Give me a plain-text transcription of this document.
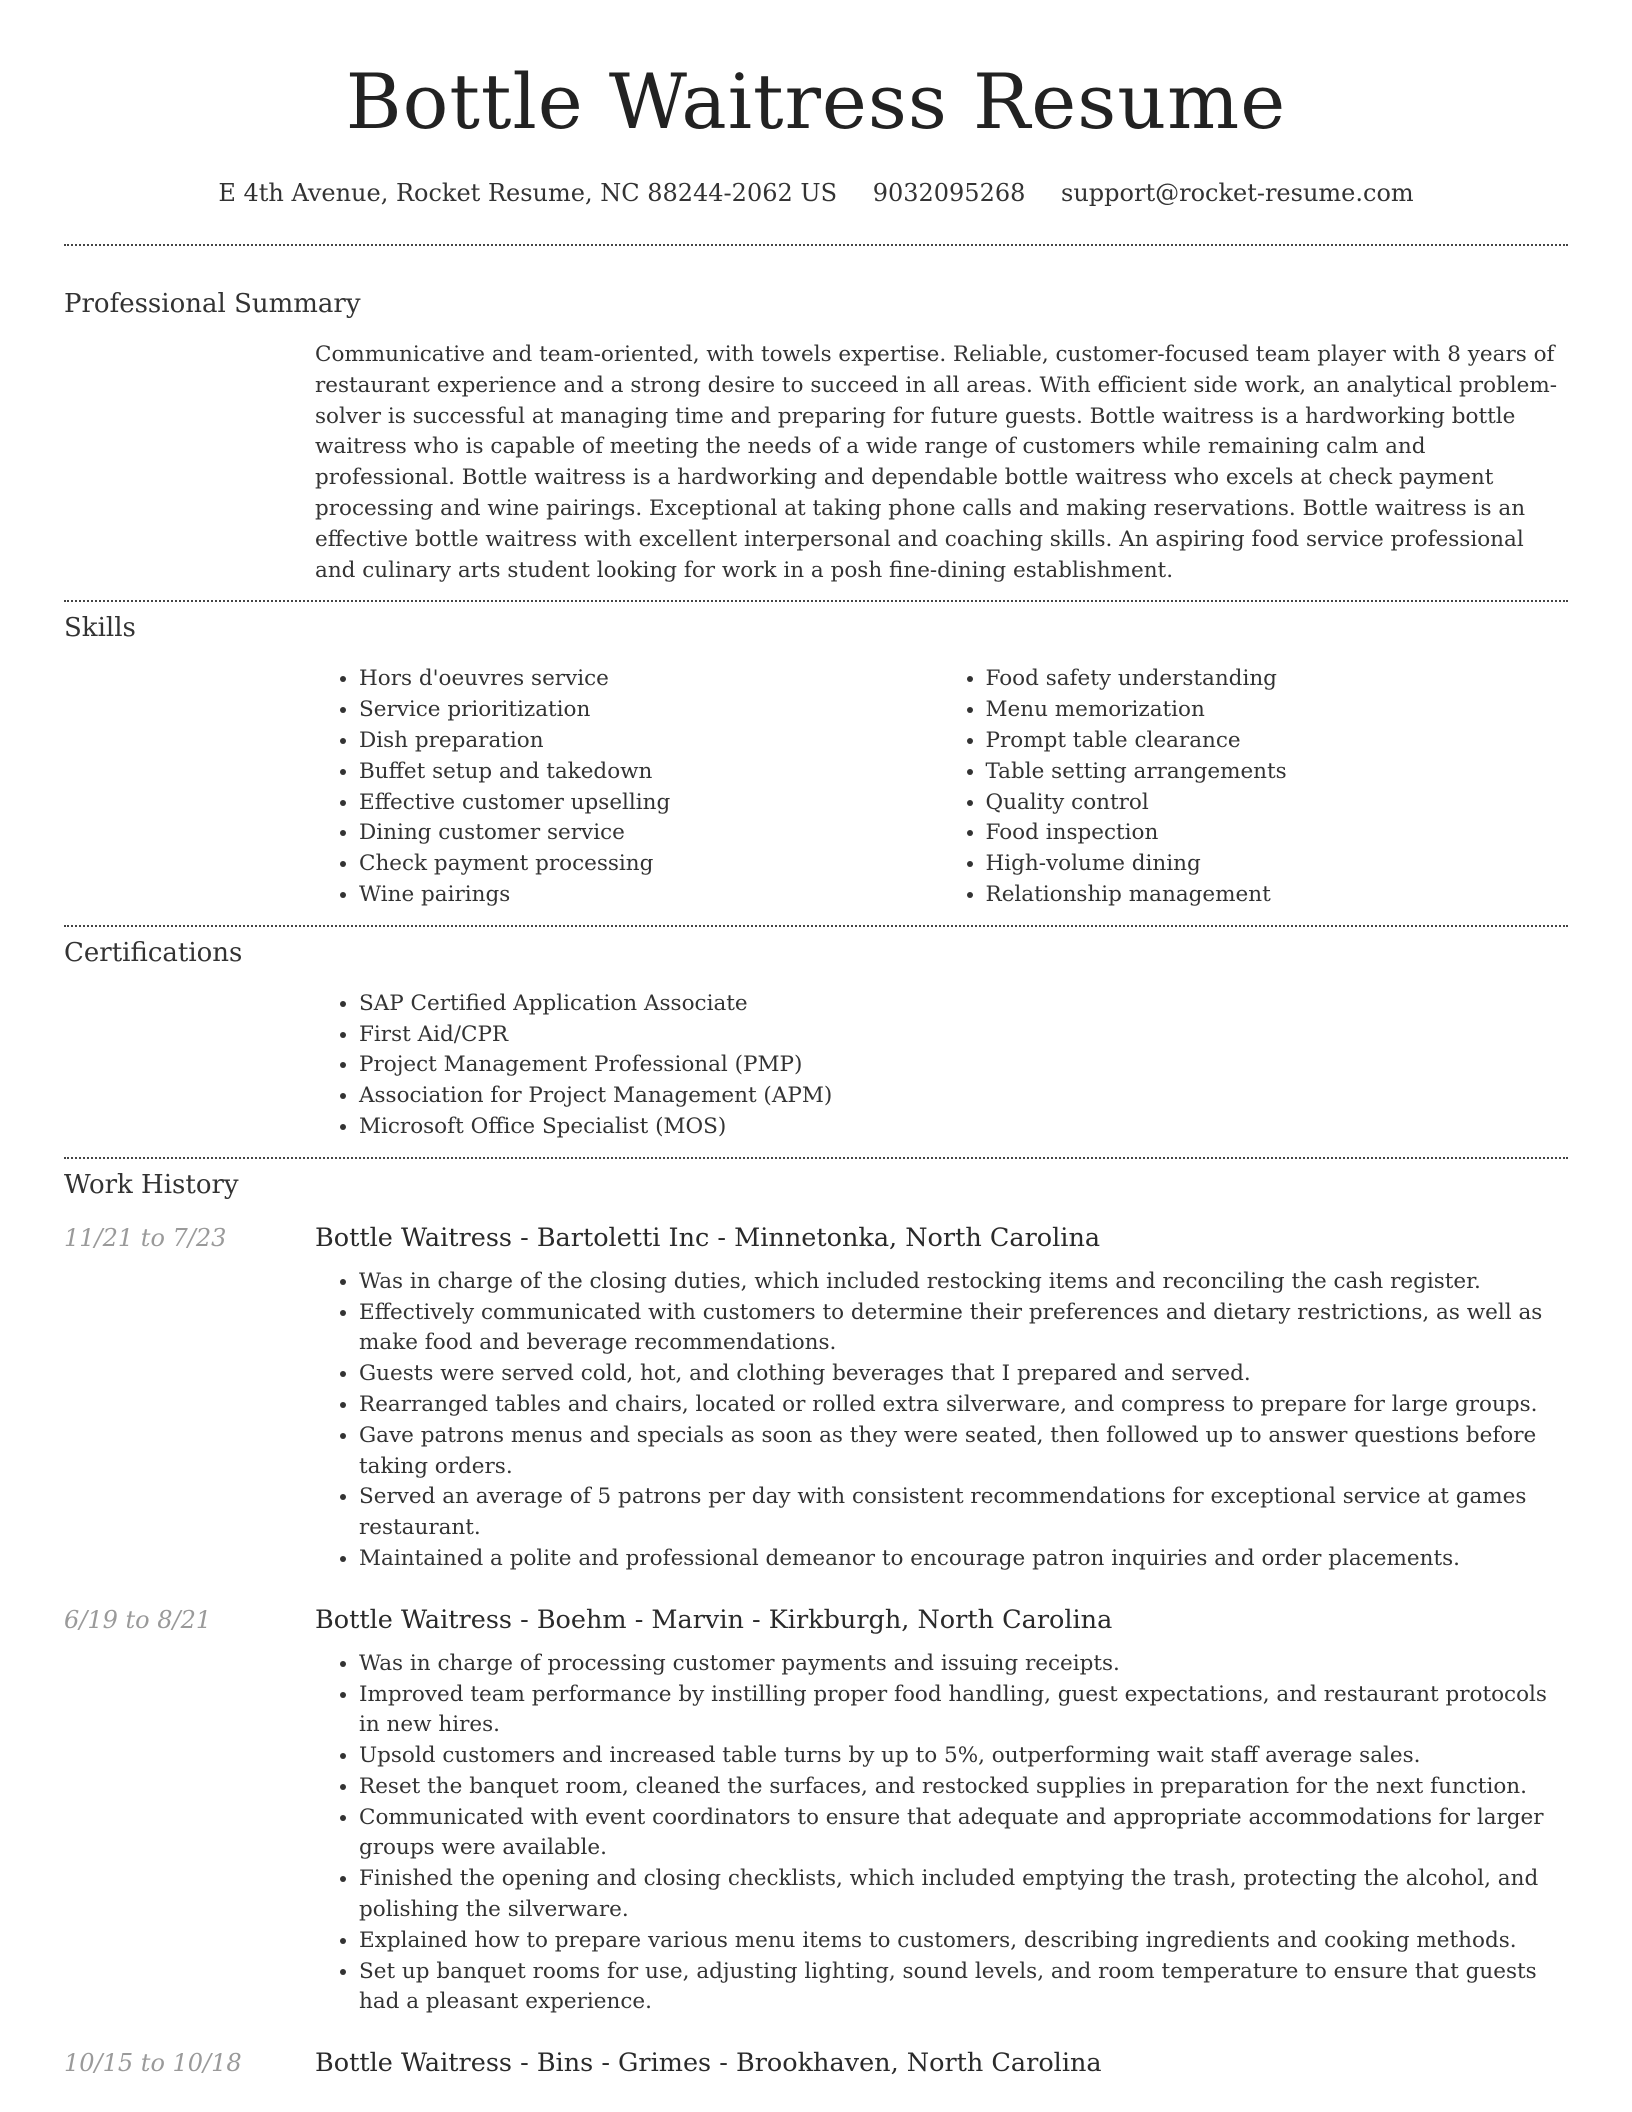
Bottle Waitress Resume
E 4th Avenue, Rocket Resume, NC 88244-2062 US 9032095268 support@rocket-resume.com
Professional Summary
Communicative and team-oriented, with towels expertise. Reliable, customer-focused team player with 8 years of restaurant experience and a strong desire to succeed in all areas. With efficient side work, an analytical problem-solver is successful at managing time and preparing for future guests. Bottle waitress is a hardworking bottle waitress who is capable of meeting the needs of a wide range of customers while remaining calm and professional. Bottle waitress is a hardworking and dependable bottle waitress who excels at check payment processing and wine pairings. Exceptional at taking phone calls and making reservations. Bottle waitress is an effective bottle waitress with excellent interpersonal and coaching skills. An aspiring food service professional and culinary arts student looking for work in a posh fine-dining establishment.
Skills
• Hors d'oeuvres service
• Service prioritization
• Dish preparation
• Buffet setup and takedown
• Effective customer upselling
• Dining customer service
• Check payment processing
• Wine pairings
• Food safety understanding
• Menu memorization
• Prompt table clearance
• Table setting arrangements
• Quality control
• Food inspection
• High-volume dining
• Relationship management
Certifications
• SAP Certified Application Associate
• First Aid/CPR
• Project Management Professional (PMP)
• Association for Project Management (APM)
• Microsoft Office Specialist (MOS)
Work History
11/21 to 7/23	Bottle Waitress - Bartoletti Inc - Minnetonka, North Carolina
• Was in charge of the closing duties, which included restocking items and reconciling the cash register.
• Effectively communicated with customers to determine their preferences and dietary restrictions, as well as make food and beverage recommendations.
• Guests were served cold, hot, and clothing beverages that I prepared and served.
• Rearranged tables and chairs, located or rolled extra silverware, and compress to prepare for large groups.
• Gave patrons menus and specials as soon as they were seated, then followed up to answer questions before taking orders.
• Served an average of 5 patrons per day with consistent recommendations for exceptional service at games restaurant.
• Maintained a polite and professional demeanor to encourage patron inquiries and order placements.
6/19 to 8/21	Bottle Waitress - Boehm - Marvin - Kirkburgh, North Carolina
• Was in charge of processing customer payments and issuing receipts.
• Improved team performance by instilling proper food handling, guest expectations, and restaurant protocols in new hires.
• Upsold customers and increased table turns by up to 5%, outperforming wait staff average sales.
• Reset the banquet room, cleaned the surfaces, and restocked supplies in preparation for the next function.
• Communicated with event coordinators to ensure that adequate and appropriate accommodations for larger groups were available.
• Finished the opening and closing checklists, which included emptying the trash, protecting the alcohol, and polishing the silverware.
• Explained how to prepare various menu items to customers, describing ingredients and cooking methods.
• Set up banquet rooms for use, adjusting lighting, sound levels, and room temperature to ensure that guests had a pleasant experience.
10/15 to 10/18	Bottle Waitress - Bins - Grimes - Brookhaven, North Carolina
